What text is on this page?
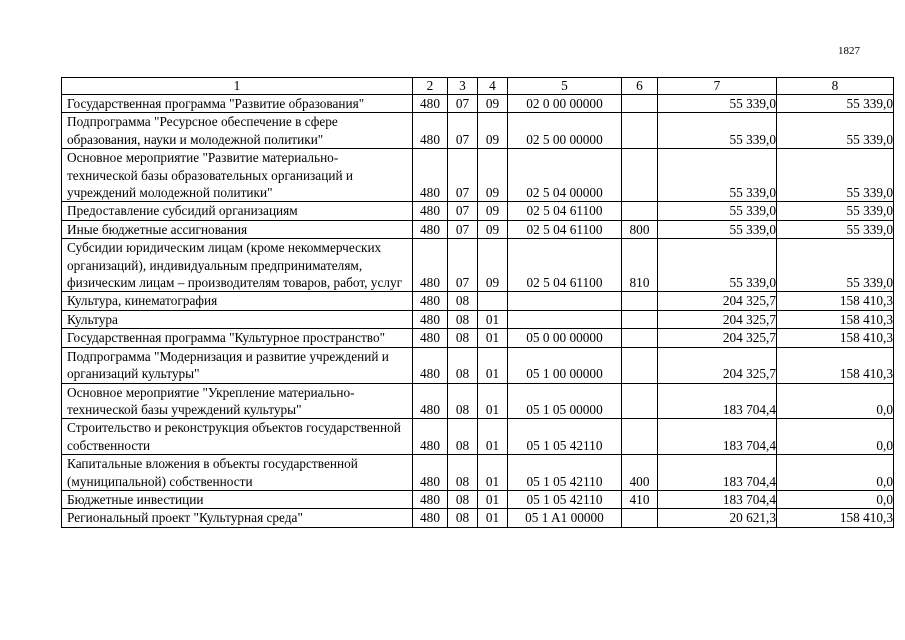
1827
1	2	3	4	5	6	7	8
Государственная программа "Развитие образования"	480	07	09	02 0 00 00000		55 339,0	55 339,0
Подпрограмма "Ресурсное обеспечение в сфере образования, науки и молодежной политики"	480	07	09	02 5 00 00000		55 339,0	55 339,0
Основное мероприятие "Развитие материально-технической базы образовательных организаций и учреждений молодежной политики"	480	07	09	02 5 04 00000		55 339,0	55 339,0
Предоставление субсидий организациям	480	07	09	02 5 04 61100		55 339,0	55 339,0
Иные бюджетные ассигнования	480	07	09	02 5 04 61100	800	55 339,0	55 339,0
Субсидии юридическим лицам (кроме некоммерческих организаций), индивидуальным предпринимателям, физическим лицам – производителям товаров, работ, услуг	480	07	09	02 5 04 61100	810	55 339,0	55 339,0
Культура, кинематография	480	08				204 325,7	158 410,3
Культура	480	08	01			204 325,7	158 410,3
Государственная программа "Культурное пространство"	480	08	01	05 0 00 00000		204 325,7	158 410,3
Подпрограмма "Модернизация и развитие учреждений и организаций культуры"	480	08	01	05 1 00 00000		204 325,7	158 410,3
Основное мероприятие "Укрепление материально-технической базы учреждений культуры"	480	08	01	05 1 05 00000		183 704,4	0,0
Строительство и реконструкция объектов государственной собственности	480	08	01	05 1 05 42110		183 704,4	0,0
Капитальные вложения в объекты государственной (муниципальной) собственности	480	08	01	05 1 05 42110	400	183 704,4	0,0
Бюджетные инвестиции	480	08	01	05 1 05 42110	410	183 704,4	0,0
Региональный проект "Культурная среда"	480	08	01	05 1 A1 00000		20 621,3	158 410,3
